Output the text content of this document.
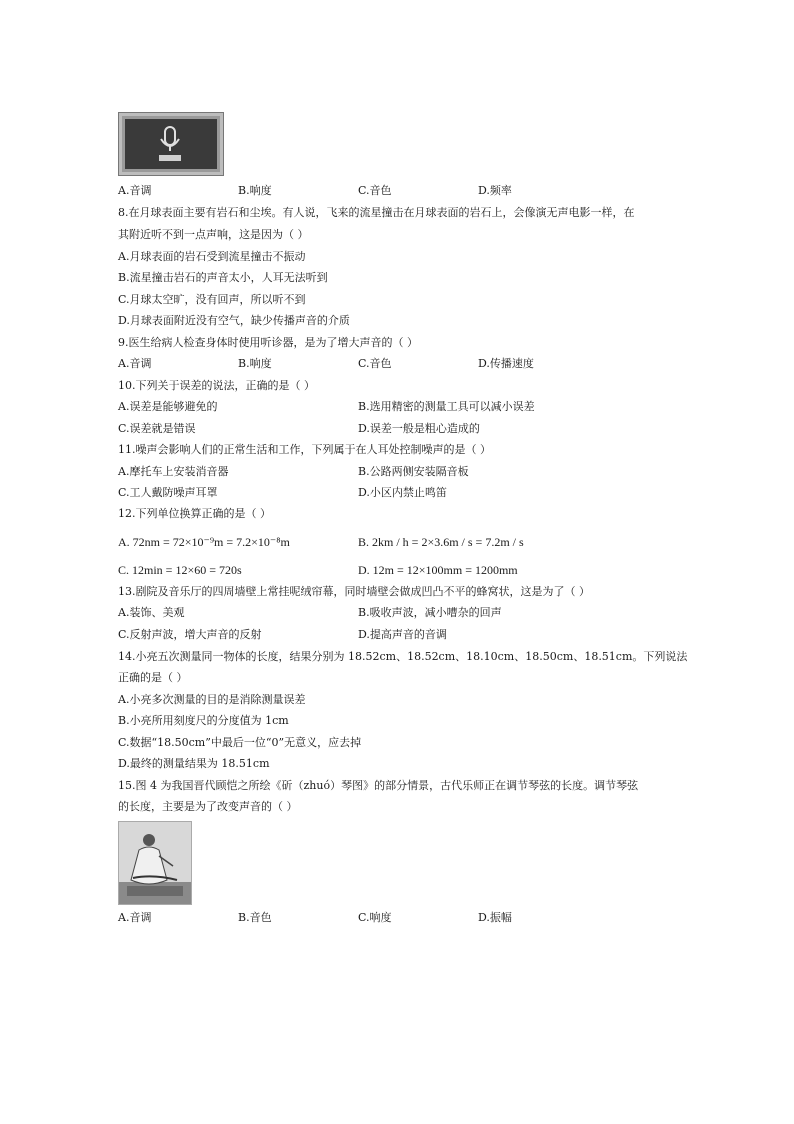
A.音调	B.响度	C.音色	D.频率
8.在月球表面主要有岩石和尘埃。有人说，飞来的流星撞击在月球表面的岩石上，会像演无声电影一样，在
其附近听不到一点声响，这是因为（ ）
A.月球表面的岩石受到流星撞击不振动
B.流星撞击岩石的声音太小，人耳无法听到
C.月球太空旷，没有回声，所以听不到
D.月球表面附近没有空气，缺少传播声音的介质
9.医生给病人检查身体时使用听诊器，是为了增大声音的（ ）
A.音调	B.响度	C.音色	D.传播速度
10.下列关于误差的说法，正确的是（ ）
A.误差是能够避免的	B.选用精密的测量工具可以减小误差
C.误差就是错误	D.误差一般是粗心造成的
11.噪声会影响人们的正常生活和工作，下列属于在人耳处控制噪声的是（ ）
A.摩托车上安装消音器	B.公路两侧安装隔音板
C.工人戴防噪声耳罩	D.小区内禁止鸣笛
12.下列单位换算正确的是（ ）
A. 72nm = 72×10⁻⁹m = 7.2×10⁻⁸m	B. 2km / h = 2×3.6m / s = 7.2m / s
C. 12min = 12×60 = 720s	D. 12m = 12×100mm = 1200mm
13.剧院及音乐厅的四周墙壁上常挂呢绒帘幕，同时墙壁会做成凹凸不平的蜂窝状，这是为了（ ）
A.装饰、美观	B.吸收声波，减小嘈杂的回声
C.反射声波，增大声音的反射	D.提高声音的音调
14.小亮五次测量同一物体的长度，结果分别为 18.52cm、18.52cm、18.10cm、18.50cm、18.51cm。下列说法
正确的是（ ）
A.小亮多次测量的目的是消除测量误差
B.小亮所用刻度尺的分度值为 1cm
C.数据“18.50cm”中最后一位“0”无意义，应去掉
D.最终的测量结果为 18.51cm
15.图 4 为我国晋代顾恺之所绘《斫（zhuó）琴图》的部分情景，古代乐师正在调节琴弦的长度。调节琴弦
的长度，主要是为了改变声音的（ ）
A.音调	B.音色	C.响度	D.振幅
